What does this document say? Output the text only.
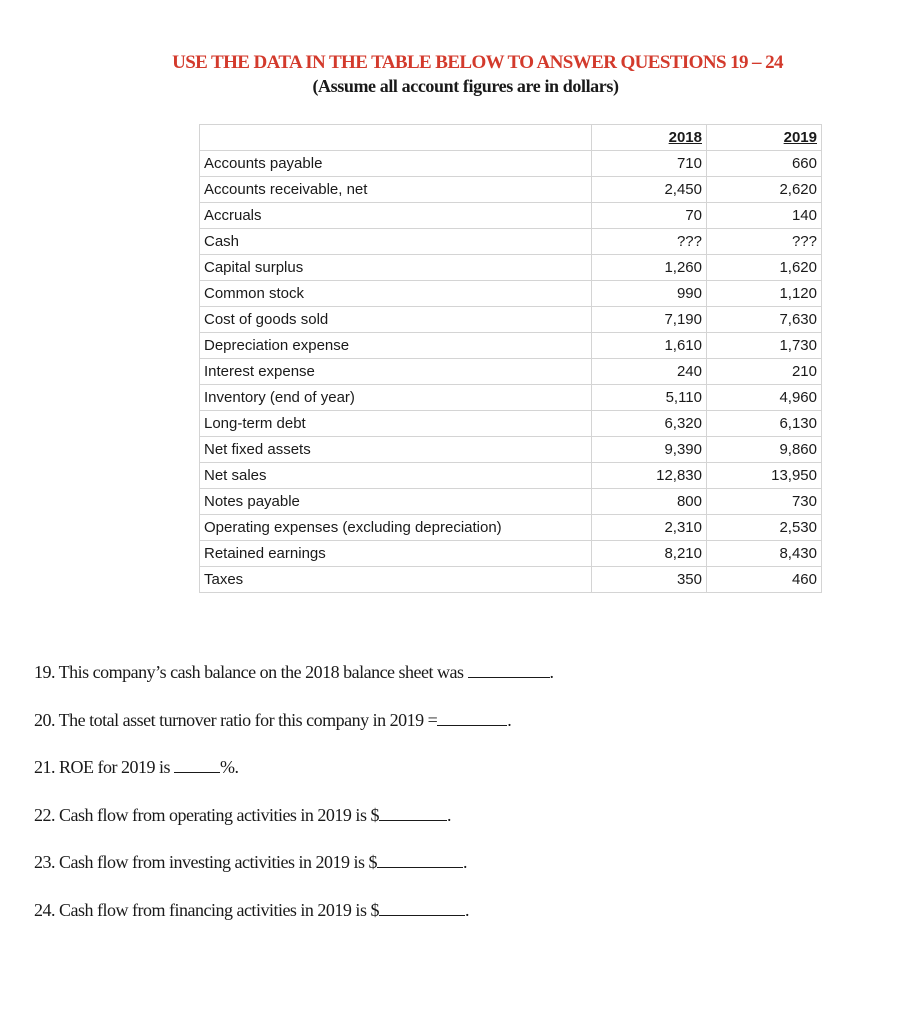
USE THE DATA IN THE TABLE BELOW TO ANSWER QUESTIONS 19 – 24
(Assume all account figures are in dollars)
	2018	2019
Accounts payable	710	660
Accounts receivable, net	2,450	2,620
Accruals	70	140
Cash	???	???
Capital surplus	1,260	1,620
Common stock	990	1,120
Cost of goods sold	7,190	7,630
Depreciation expense	1,610	1,730
Interest expense	240	210
Inventory (end of year)	5,110	4,960
Long-term debt	6,320	6,130
Net fixed assets	9,390	9,860
Net sales	12,830	13,950
Notes payable	800	730
Operating expenses (excluding depreciation)	2,310	2,530
Retained earnings	8,210	8,430
Taxes	350	460
19. This company’s cash balance on the 2018 balance sheet was	.
20. The total asset turnover ratio for this company in 2019 =	.
21. ROE for 2019 is	%.
22. Cash flow from operating activities in 2019 is $	.
23. Cash flow from investing activities in 2019 is $	.
24. Cash flow from financing activities in 2019 is $	.
